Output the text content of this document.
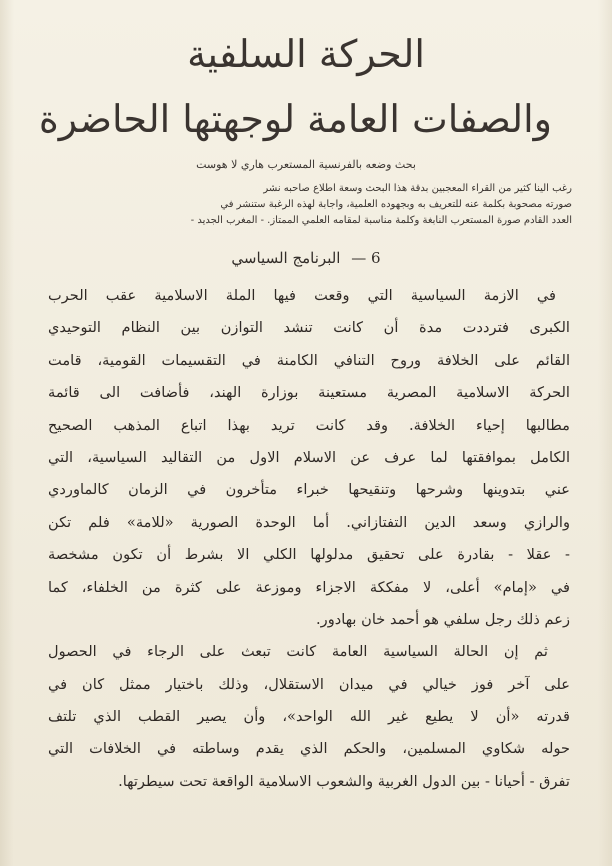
الحركة السلفية
والصفات العامة لوجهتها الحاضرة
بحث وضعه بالفرنسية المستعرب هاري لا هوست
رغب الينا كثير من القراء المعجبين بدقة هذا البحث وسعة اطلاع صاحبه نشر
صورته مصحوبة بكلمة عنه للتعريف به وبجهوده العلمية، واجابة لهذه الرغبة ستنشر في
العدد القادم صورة المستعرب النابغة وكلمة مناسبة لمقامه العلمي الممتاز. - المغرب الجديد -
6 — البرنامج السياسي
في الازمة السياسية التي وقعت فيها الملة الاسلامية عقب الحرب
الكبرى فترددت مدة أن كانت تنشد التوازن بين النظام التوحيدي
القائم على الخلافة وروح التنافي الكامنة في التقسيمات القومية، قامت
الحركة الاسلامية المصرية مستعينة بوزارة الهند، فأضافت الى قائمة
مطالبها إحياء الخلافة. وقد كانت تريد بهذا اتباع المذهب الصحيح
الكامل بموافقتها لما عرف عن الاسلام الاول من التقاليد السياسية، التي
عني بتدوينها وشرحها وتنقيحها خبراء متأخرون في الزمان كالماوردي
والرازي وسعد الدين التفتازاني. أما الوحدة الصورية «للامة» فلم تكن
- عقلا - بقادرة على تحقيق مدلولها الكلي الا بشرط أن تكون مشخصة
في «إمام» أعلى، لا مفككة الاجزاء وموزعة على كثرة من الخلفاء، كما
زعم ذلك رجل سلفي هو أحمد خان بهادور.
ثم إن الحالة السياسية العامة كانت تبعث على الرجاء في الحصول
على آخر فوز خيالي في ميدان الاستقلال، وذلك باختيار ممثل كان في
قدرته «أن لا يطيع غير الله الواحد»، وأن يصير القطب الذي تلتف
حوله شكاوي المسلمين، والحكم الذي يقدم وساطته في الخلافات التي
تفرق - أحيانا - بين الدول الغربية والشعوب الاسلامية الواقعة تحت سيطرتها.
